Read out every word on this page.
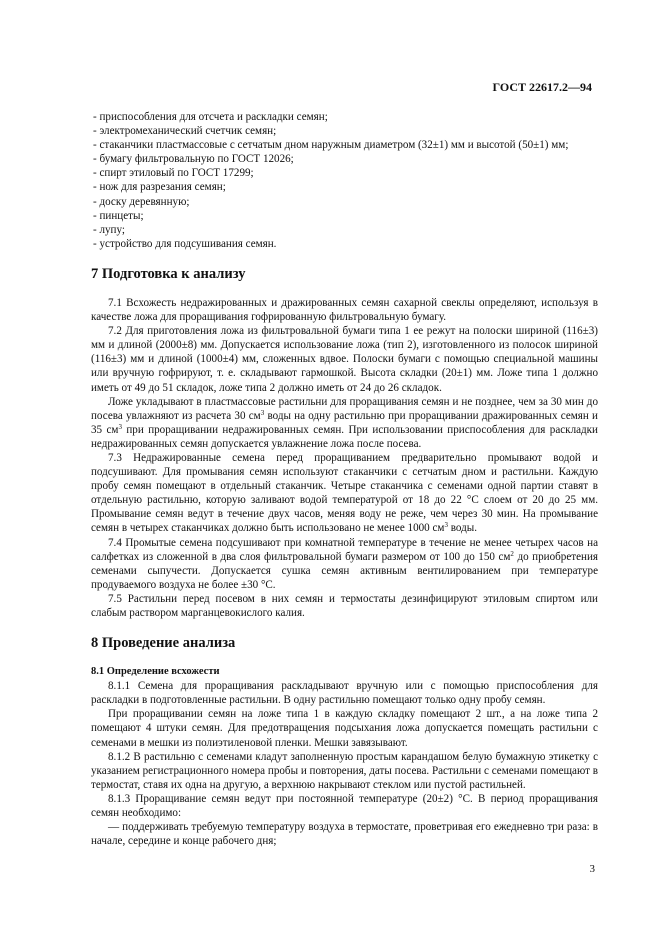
ГОСТ 22617.2—94

- приспособления для отсчета и раскладки семян;

- электромеханический счетчик семян;

- стаканчики пластмассовые с сетчатым дном наружным диаметром (32±1) мм и высотой (50±1) мм;

- бумагу фильтровальную по ГОСТ 12026;

- спирт этиловый по ГОСТ 17299;

- нож для разрезания семян;

- доску деревянную;

- пинцеты;

- лупу;

- устройство для подсушивания семян.

7 Подготовка к анализу

7.1 Всхожесть недражированных и дражированных семян сахарной свеклы определяют, используя в качестве ложа для проращивания гофрированную фильтровальную бумагу.

7.2 Для приготовления ложа из фильтровальной бумаги типа 1 ее режут на полоски шириной (116±3) мм и длиной (2000±8) мм. Допускается использование ложа (тип 2), изготовленного из полосок шириной (116±3) мм и длиной (1000±4) мм, сложенных вдвое. Полоски бумаги с помощью специальной машины или вручную гофрируют, т. е. складывают гармошкой. Высота складки (20±1) мм. Ложе типа 1 должно иметь от 49 до 51 складок, ложе типа 2 должно иметь от 24 до 26 складок.

Ложе укладывают в пластмассовые растильни для проращивания семян и не позднее, чем за 30 мин до посева увлажняют из расчета 30 $см^3$ воды на одну растильню при проращивании дражированных семян и 35 $см^3$ при проращивании недражированных семян. При использовании приспособления для раскладки недражированных семян допускается увлажнение ложа после посева.

7.3 Недражированные семена перед проращиванием предварительно промывают водой и подсушивают. Для промывания семян используют стаканчики с сетчатым дном и растильни. Каждую пробу семян помещают в отдельный стаканчик. Четыре стаканчика с семенами одной партии ставят в отдельную растильню, которую заливают водой температурой от 18 до 22 °С слоем от 20 до 25 мм. Промывание семян ведут в течение двух часов, меняя воду не реже, чем через 30 мин. На промывание семян в четырех стаканчиках должно быть использовано не менее 1000 $см^3$ воды.

7.4 Промытые семена подсушивают при комнатной температуре в течение не менее четырех часов на салфетках из сложенной в два слоя фильтровальной бумаги размером от 100 до 150 $см^2$ до приобретения семенами сыпучести. Допускается сушка семян активным вентилированием при температуре продуваемого воздуха не более ±30 °С.

7.5 Растильни перед посевом в них семян и термостаты дезинфицируют этиловым спиртом или слабым раствором марганцевокислого калия.

8 Проведение анализа

8.1 Определение всхожести

8.1.1 Семена для проращивания раскладывают вручную или с помощью приспособления для раскладки в подготовленные растильни. В одну растильню помещают только одну пробу семян.

При проращивании семян на ложе типа 1 в каждую складку помещают 2 шт., а на ложе типа 2 помещают 4 штуки семян. Для предотвращения подсыхания ложа допускается помещать растильни с семенами в мешки из полиэтиленовой пленки. Мешки завязывают.

8.1.2 В растильню с семенами кладут заполненную простым карандашом белую бумажную этикетку с указанием регистрационного номера пробы и повторения, даты посева. Растильни с семенами помещают в термостат, ставя их одна на другую, а верхнюю накрывают стеклом или пустой растильней.

8.1.3 Проращивание семян ведут при постоянной температуре (20±2) °С. В период проращивания семян необходимо:

— поддерживать требуемую температуру воздуха в термостате, проветривая его ежедневно три раза: в начале, середине и конце рабочего дня;

3
